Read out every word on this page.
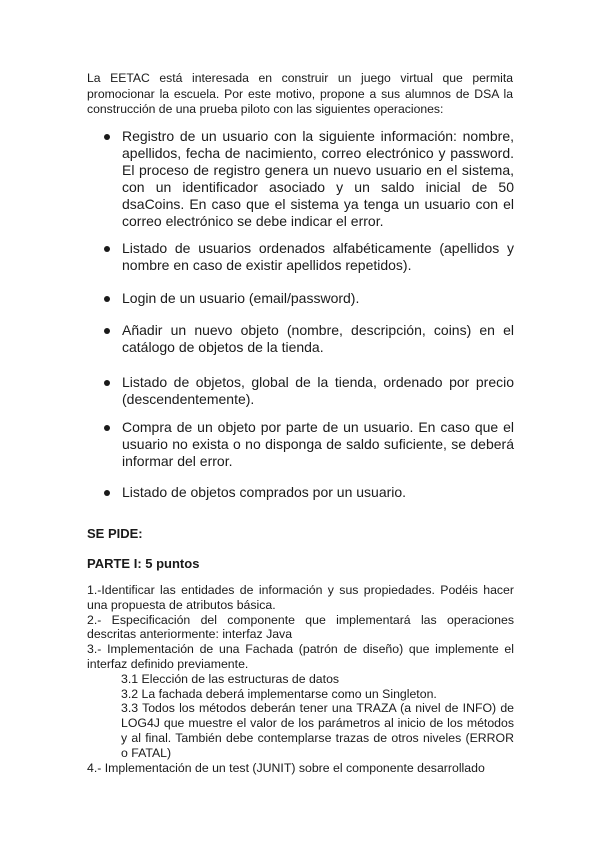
La EETAC está interesada en construir un juego virtual que permita promocionar la escuela. Por este motivo, propone a sus alumnos de DSA la construcción de una prueba piloto con las siguientes operaciones:

Registro de un usuario con la siguiente información: nombre, apellidos, fecha de nacimiento, correo electrónico y password. El proceso de registro genera un nuevo usuario en el sistema, con un identificador asociado y un saldo inicial de 50 dsaCoins. En caso que el sistema ya tenga un usuario con el correo electrónico se debe indicar el error.

Listado de usuarios ordenados alfabéticamente (apellidos y nombre en caso de existir apellidos repetidos).

Login de un usuario (email/password).

Añadir un nuevo objeto (nombre, descripción, coins) en el catálogo de objetos de la tienda.

Listado de objetos, global de la tienda, ordenado por precio (descendentemente).

Compra de un objeto por parte de un usuario. En caso que el usuario no exista o no disponga de saldo suficiente, se deberá informar del error.

Listado de objetos comprados por un usuario.

SE PIDE:

PARTE I: 5 puntos

1.-Identificar las entidades de información y sus propiedades. Podéis hacer una propuesta de atributos básica.

2.- Especificación del componente que implementará las operaciones descritas anteriormente: interfaz Java

3.- Implementación de una Fachada (patrón de diseño) que implemente el interfaz definido previamente.

3.1 Elección de las estructuras de datos

3.2 La fachada deberá implementarse como un Singleton.

3.3 Todos los métodos deberán tener una TRAZA (a nivel de INFO) de LOG4J que muestre el valor de los parámetros al inicio de los métodos y al final. También debe contemplarse trazas de otros niveles (ERROR o FATAL)

4.- Implementación de un test (JUNIT) sobre el componente desarrollado
